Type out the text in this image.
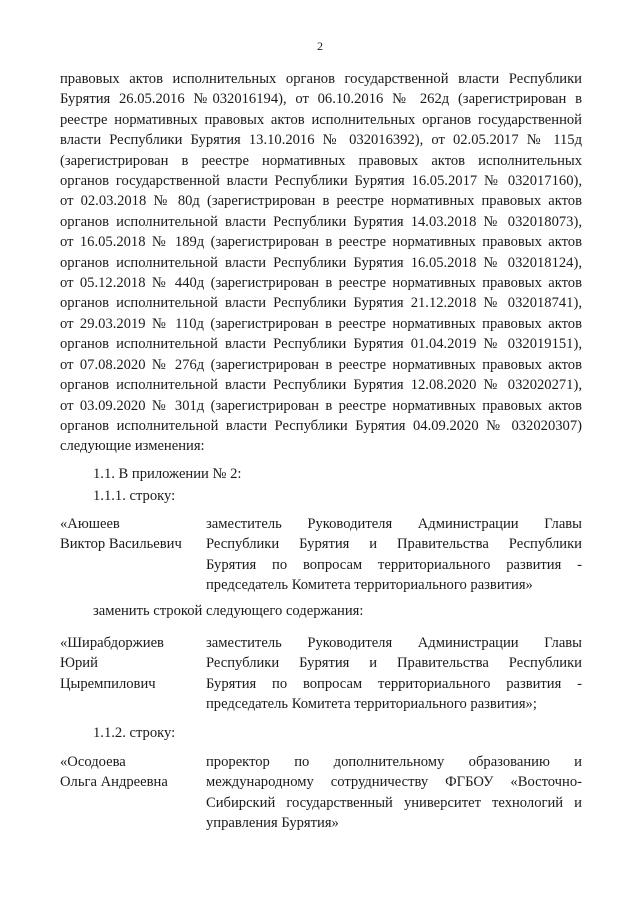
2
правовых актов исполнительных органов государственной власти Республики
Бурятия 26.05.2016 №032016194), от 06.10.2016 № 262д (зарегистрирован в
реестре нормативных правовых актов исполнительных органов государственной
власти Республики Бурятия 13.10.2016 № 032016392), от 02.05.2017 № 115д
(зарегистрирован в реестре нормативных правовых актов исполнительных
органов государственной власти Республики Бурятия 16.05.2017 № 032017160),
от 02.03.2018 № 80д (зарегистрирован в реестре нормативных правовых актов
органов исполнительной власти Республики Бурятия 14.03.2018 № 032018073),
от 16.05.2018 № 189д (зарегистрирован в реестре нормативных правовых актов
органов исполнительной власти Республики Бурятия 16.05.2018 № 032018124),
от 05.12.2018 № 440д (зарегистрирован в реестре нормативных правовых актов
органов исполнительной власти Республики Бурятия 21.12.2018 № 032018741),
от 29.03.2019 № 110д (зарегистрирован в реестре нормативных правовых актов
органов исполнительной власти Республики Бурятия 01.04.2019 № 032019151),
от 07.08.2020 № 276д (зарегистрирован в реестре нормативных правовых актов
органов исполнительной власти Республики Бурятия 12.08.2020 № 032020271),
от 03.09.2020 № 301д (зарегистрирован в реестре нормативных правовых актов
органов исполнительной власти Республики Бурятия 04.09.2020 № 032020307)
следующие изменения:
1.1. В приложении № 2:
1.1.1. строку:
«Аюшеев
Виктор Васильевич
заместитель Руководителя Администрации Главы
Республики Бурятия и Правительства Республики
Бурятия по вопросам территориального развития -
председатель Комитета территориального развития»
заменить строкой следующего содержания:
«Ширабдоржиев
Юрий
Цыремпилович
заместитель Руководителя Администрации Главы
Республики Бурятия и Правительства Республики
Бурятия по вопросам территориального развития -
председатель Комитета территориального развития»;
1.1.2. строку:
«Осодоева
Ольга Андреевна
проректор по дополнительному образованию и
международному сотрудничеству ФГБОУ «Восточно-
Сибирский государственный университет технологий и
управления Бурятия»
